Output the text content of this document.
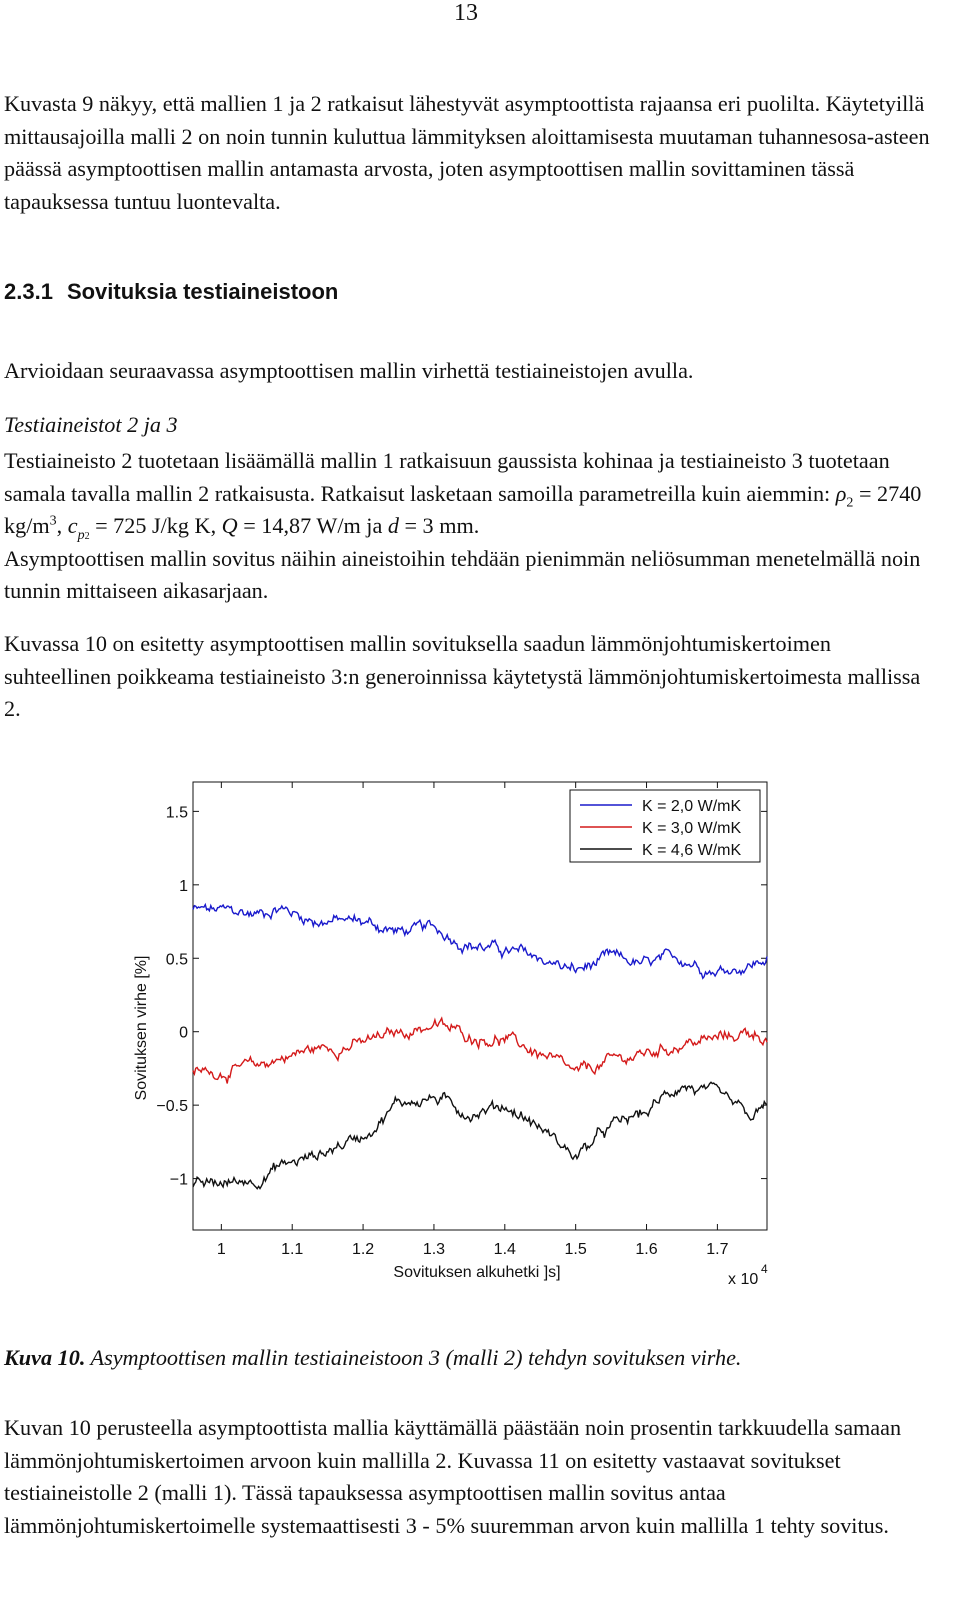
13

Kuvasta 9 näkyy, että mallien 1 ja 2 ratkaisut lähestyvät asymptoottista rajaansa eri puolilta. Käytetyillä mittausajoilla malli 2 on noin tunnin kuluttua lämmityksen aloittamisesta muutaman tuhannesosa-asteen päässä asymptoottisen mallin antamasta arvosta, joten asymptoottisen mallin sovittaminen tässä tapauksessa tuntuu luontevalta.

2.3.1 Sovituksia testiaineistoon

Arvioidaan seuraavassa asymptoottisen mallin virhettä testiaineistojen avulla.

Testiaineistot 2 ja 3

Testiaineisto 2 tuotetaan lisäämällä mallin 1 ratkaisuun gaussista kohinaa ja testiaineisto 3 tuotetaan samala tavalla mallin 2 ratkaisusta. Ratkaisut lasketaan samoilla parametreilla kuin aiemmin: $\rho_2 = 2740$ $kg/m^3$, $c_{p2} = 725$ J/kg K, Q = 14,87 W/m ja d = 3 mm.
Asymptoottisen mallin sovitus näihin aineistoihin tehdään pienimmän neliösumman menetelmällä noin tunnin mittaiseen aikasarjaan.

Kuvassa 10 on esitetty asymptoottisen mallin sovituksella saadun lämmönjohtumiskertoimen suhteellinen poikkeama testiaineisto 3:n generoinnissa käytetystä lämmönjohtumiskertoimesta mallissa 2.

1.5
1
0.5
0
−0.5
−1
1	1.1	1.2	1.3	1.4	1.5	1.6	1.7
Sovituksen alkuhetki ]s]	x 10
4
Sovituksen virhe [%]
K = 2,0 W/mK
K = 3,0 W/mK
K = 4,6 W/mK

Kuva 10. Asymptoottisen mallin testiaineistoon 3 (malli 2) tehdyn sovituksen virhe.

Kuvan 10 perusteella asymptoottista mallia käyttämällä päästään noin prosentin tarkkuudella samaan lämmönjohtumiskertoimen arvoon kuin mallilla 2. Kuvassa 11 on esitetty vastaavat sovitukset testiaineistolle 2 (malli 1). Tässä tapauksessa asymptoottisen mallin sovitus antaa lämmönjohtumiskertoimelle systemaattisesti 3 - 5% suuremman arvon kuin mallilla 1 tehty sovitus.
